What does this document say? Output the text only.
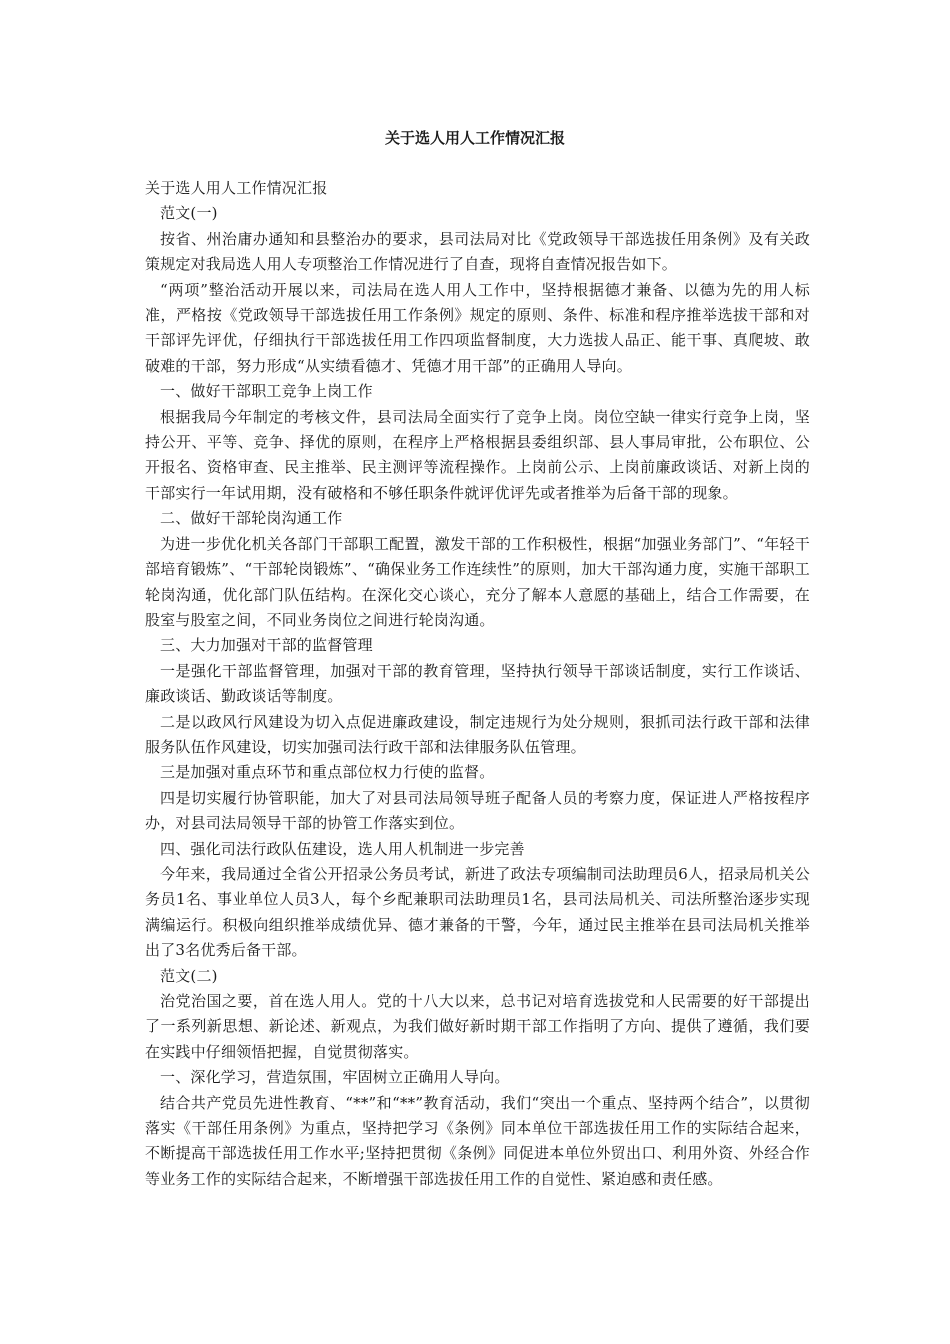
关于选人用人工作情况汇报

关于选人用人工作情况汇报

范文(一)

按省、州治庸办通知和县整治办的要求，县司法局对比《党政领导干部选拔任用条例》及有关政策规定对我局选人用人专项整治工作情况进行了自查，现将自查情况报告如下。

“两项”整治活动开展以来，司法局在选人用人工作中，坚持根据德才兼备、以德为先的用人标准，严格按《党政领导干部选拔任用工作条例》规定的原则、条件、标准和程序推举选拔干部和对干部评先评优，仔细执行干部选拔任用工作四项监督制度，大力选拔人品正、能干事、真爬坡、敢破难的干部，努力形成“从实绩看德才、凭德才用干部”的正确用人导向。

一、做好干部职工竞争上岗工作

根据我局今年制定的考核文件，县司法局全面实行了竞争上岗。岗位空缺一律实行竞争上岗，坚持公开、平等、竞争、择优的原则，在程序上严格根据县委组织部、县人事局审批，公布职位、公开报名、资格审查、民主推举、民主测评等流程操作。上岗前公示、上岗前廉政谈话、对新上岗的干部实行一年试用期，没有破格和不够任职条件就评优评先或者推举为后备干部的现象。

二、做好干部轮岗沟通工作

为进一步优化机关各部门干部职工配置，激发干部的工作积极性，根据“加强业务部门”、“年轻干部培育锻炼”、“干部轮岗锻炼”、“确保业务工作连续性”的原则，加大干部沟通力度，实施干部职工轮岗沟通，优化部门队伍结构。在深化交心谈心，充分了解本人意愿的基础上，结合工作需要，在股室与股室之间，不同业务岗位之间进行轮岗沟通。

三、大力加强对干部的监督管理

一是强化干部监督管理，加强对干部的教育管理，坚持执行领导干部谈话制度，实行工作谈话、廉政谈话、勤政谈话等制度。

二是以政风行风建设为切入点促进廉政建设，制定违规行为处分规则，狠抓司法行政干部和法律服务队伍作风建设，切实加强司法行政干部和法律服务队伍管理。

三是加强对重点环节和重点部位权力行使的监督。

四是切实履行协管职能，加大了对县司法局领导班子配备人员的考察力度，保证进人严格按程序办，对县司法局领导干部的协管工作落实到位。

四、强化司法行政队伍建设，选人用人机制进一步完善

今年来，我局通过全省公开招录公务员考试，新进了政法专项编制司法助理员6人，招录局机关公务员1名、事业单位人员3人，每个乡配兼职司法助理员1名，县司法局机关、司法所整治逐步实现满编运行。积极向组织推举成绩优异、德才兼备的干警，今年，通过民主推举在县司法局机关推举出了3名优秀后备干部。

范文(二)

治党治国之要，首在选人用人。党的十八大以来，总书记对培育选拔党和人民需要的好干部提出了一系列新思想、新论述、新观点，为我们做好新时期干部工作指明了方向、提供了遵循，我们要在实践中仔细领悟把握，自觉贯彻落实。

一、深化学习，营造氛围，牢固树立正确用人导向。

结合共产党员先进性教育、“**”和“**”教育活动，我们“突出一个重点、坚持两个结合”，以贯彻落实《干部任用条例》为重点，坚持把学习《条例》同本单位干部选拔任用工作的实际结合起来，不断提高干部选拔任用工作水平;坚持把贯彻《条例》同促进本单位外贸出口、利用外资、外经合作等业务工作的实际结合起来，不断增强干部选拔任用工作的自觉性、紧迫感和责任感。
